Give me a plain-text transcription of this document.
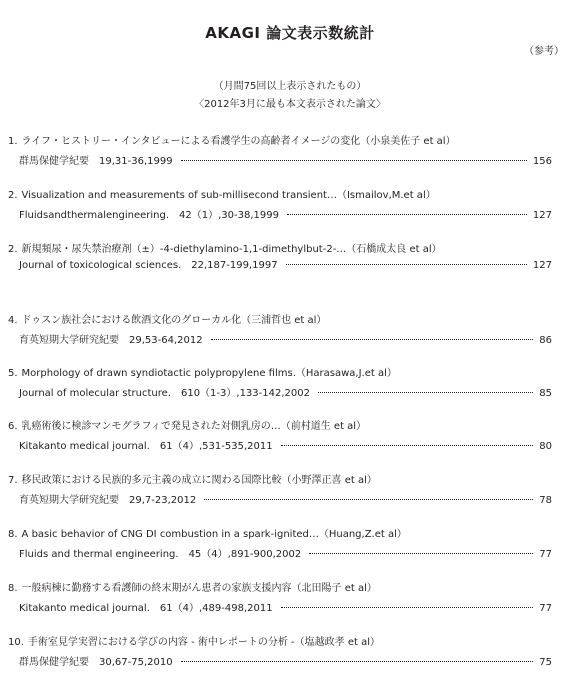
AKAGI 論文表示数統計
（参考）
（月間75回以上表示されたもの）
〈2012年3月に最も本文表示された論文〉
1. ライフ・ヒストリー・インタビューによる看護学生の高齢者イメージの変化（小泉美佐子 et al）
群馬保健学紀要 19,31-36,1999	156
2. Visualization and measurements of sub-millisecond transient…（Ismailov,M.et al）
Fluidsandthermalengineering. 42（1）,30-38,1999	127
2. 新規頻尿・尿失禁治療剤（±）-4-diethylamino-1,1-dimethylbut-2-…（石橋成太良 et al）
Journal of toxicological sciences. 22,187-199,1997	127
4. ドゥスン族社会における飲酒文化のグローカル化（三浦哲也 et al）
育英短期大学研究紀要 29,53-64,2012	86
5. Morphology of drawn syndiotactic polypropylene films.（Harasawa,J.et al）
Journal of molecular structure. 610（1-3）,133-142,2002	85
6. 乳癌術後に検診マンモグラフィで発見された対側乳房の…（前村道生 et al）
Kitakanto medical journal. 61（4）,531-535,2011	80
7. 移民政策における民族的多元主義の成立に関わる国際比較（小野澤正喜 et al）
育英短期大学研究紀要 29,7-23,2012	78
8. A basic behavior of CNG DI combustion in a spark-ignited…（Huang,Z.et al）
Fluids and thermal engineering. 45（4）,891-900,2002	77
8. 一般病棟に勤務する看護師の終末期がん患者の家族支援内容（北田陽子 et al）
Kitakanto medical journal. 61（4）,489-498,2011	77
10. 手術室見学実習における学びの内容 - 術中レポートの分析 -（塩越政孝 et al）
群馬保健学紀要 30,67-75,2010	75
